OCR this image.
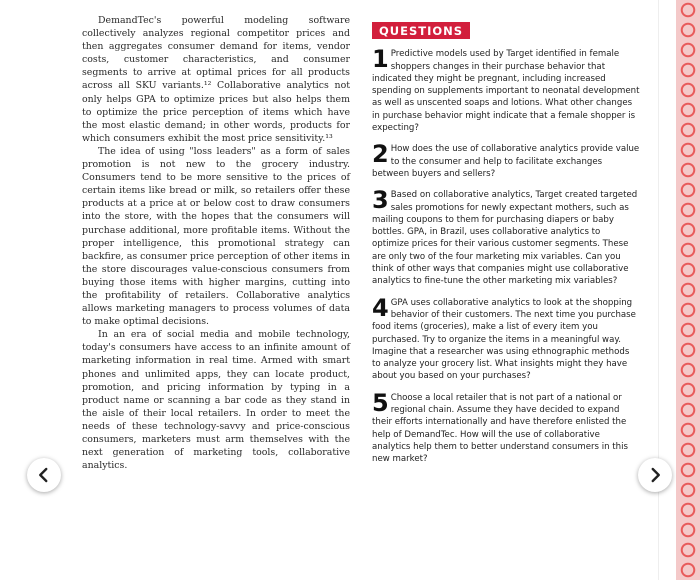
DemandTec's powerful modeling software collectively analyzes regional competitor prices and then aggregates consumer demand for items, vendor costs, customer characteristics, and consumer segments to arrive at optimal prices for all products across all SKU variants.¹² Collaborative analytics not only helps GPA to optimize prices but also helps them to optimize the price perception of items which have the most elastic demand; in other words, products for which consumers exhibit the most price sensitivity.¹³

The idea of using "loss leaders" as a form of sales promotion is not new to the grocery industry. Consumers tend to be more sensitive to the prices of certain items like bread or milk, so retailers offer these products at a price at or below cost to draw consumers into the store, with the hopes that the consumers will purchase additional, more profitable items. Without the proper intelligence, this promotional strategy can backfire, as consumer price perception of other items in the store discourages value-conscious consumers from buying those items with higher margins, cutting into the profitability of retailers. Collaborative analytics allows marketing managers to process volumes of data to make optimal decisions.

In an era of social media and mobile technology, today's consumers have access to an infinite amount of marketing information in real time. Armed with smart phones and unlimited apps, they can locate product, promotion, and pricing information by typing in a product name or scanning a bar code as they stand in the aisle of their local retailers. In order to meet the needs of these technology-savvy and price-conscious consumers, marketers must arm themselves with the next generation of marketing tools, collaborative analytics.

QUESTIONS
1 Predictive models used by Target identified in female shoppers changes in their purchase behavior that indicated they might be pregnant, including increased spending on supplements important to neonatal development as well as unscented soaps and lotions. What other changes in purchase behavior might indicate that a female shopper is expecting?

2 How does the use of collaborative analytics provide value to the consumer and help to facilitate exchanges between buyers and sellers?

3 Based on collaborative analytics, Target created targeted sales promotions for newly expectant mothers, such as mailing coupons to them for purchasing diapers or baby bottles. GPA, in Brazil, uses collaborative analytics to optimize prices for their various customer segments. These are only two of the four marketing mix variables. Can you think of other ways that companies might use collaborative analytics to fine-tune the other marketing mix variables?

4 GPA uses collaborative analytics to look at the shopping behavior of their customers. The next time you purchase food items (groceries), make a list of every item you purchased. Try to organize the items in a meaningful way. Imagine that a researcher was using ethnographic methods to analyze your grocery list. What insights might they have about you based on your purchases?

5 Choose a local retailer that is not part of a national or regional chain. Assume they have decided to expand their efforts internationally and have therefore enlisted the help of DemandTec. How will the use of collaborative analytics help them to better understand consumers in this new market?
